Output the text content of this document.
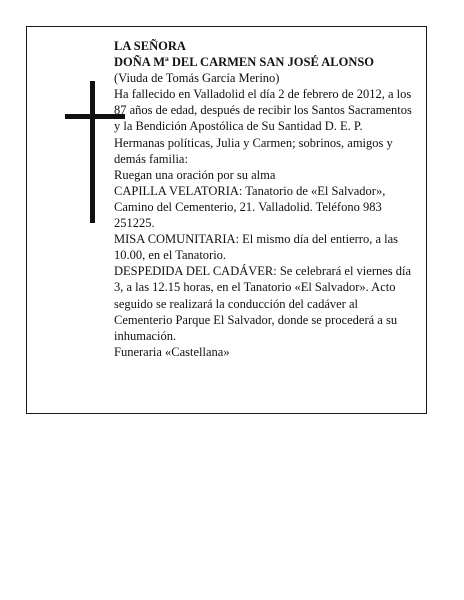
LA SEÑORA

DOÑA Mª DEL CARMEN SAN JOSÉ ALONSO

(Viuda de Tomás García Merino)

Ha fallecido en Valladolid el día 2 de febrero de 2012, a los 87 años de edad, después de recibir los Santos Sacramentos y la Bendición Apostólica de Su Santidad D. E. P.

Hermanas políticas, Julia y Carmen; sobrinos, amigos y demás familia:

Ruegan una oración por su alma

CAPILLA VELATORIA: Tanatorio de «El Salvador», Camino del Cementerio, 21. Valladolid. Teléfono 983 251225.

MISA COMUNITARIA: El mismo día del entierro, a las 10.00, en el Tanatorio.

DESPEDIDA DEL CADÁVER: Se celebrará el viernes día 3, a las 12.15 horas, en el Tanatorio «El Salvador». Acto seguido se realizará la conducción del cadáver al Cementerio Parque El Salvador, donde se procederá a su inhumación.

Funeraria «Castellana»
